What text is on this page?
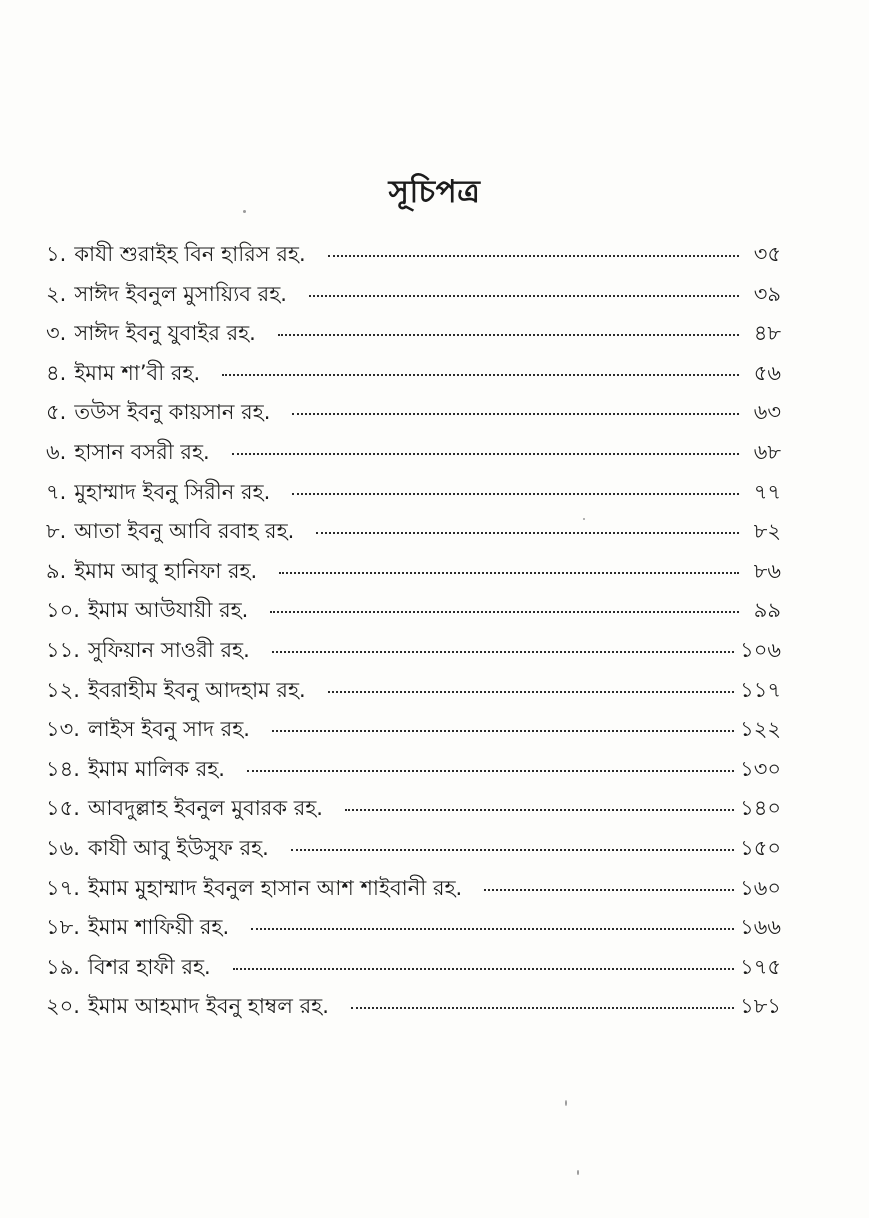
সূচিপত্র
১. কাযী শুরাইহ বিন হারিস রহ.	৩৫
২. সাঈদ ইবনুল মুসায়্যিব রহ.	৩৯
৩. সাঈদ ইবনু যুবাইর রহ.	৪৮
৪. ইমাম শা’বী রহ.	৫৬
৫. তউস ইবনু কায়সান রহ.	৬৩
৬. হাসান বসরী রহ.	৬৮
৭. মুহাম্মাদ ইবনু সিরীন রহ.	৭৭
৮. আতা ইবনু আবি রবাহ রহ.	৮২
৯. ইমাম আবু হানিফা রহ.	৮৬
১০. ইমাম আউযায়ী রহ.	৯৯
১১. সুফিয়ান সাওরী রহ.	১০৬
১২. ইবরাহীম ইবনু আদহাম রহ.	১১৭
১৩. লাইস ইবনু সাদ রহ.	১২২
১৪. ইমাম মালিক রহ.	১৩০
১৫. আবদুল্লাহ ইবনুল মুবারক রহ.	১৪০
১৬. কাযী আবু ইউসুফ রহ.	১৫০
১৭. ইমাম মুহাম্মাদ ইবনুল হাসান আশ শাইবানী রহ.	১৬০
১৮. ইমাম শাফিয়ী রহ.	১৬৬
১৯. বিশর হাফী রহ.	১৭৫
২০. ইমাম আহমাদ ইবনু হাম্বল রহ.	১৮১
